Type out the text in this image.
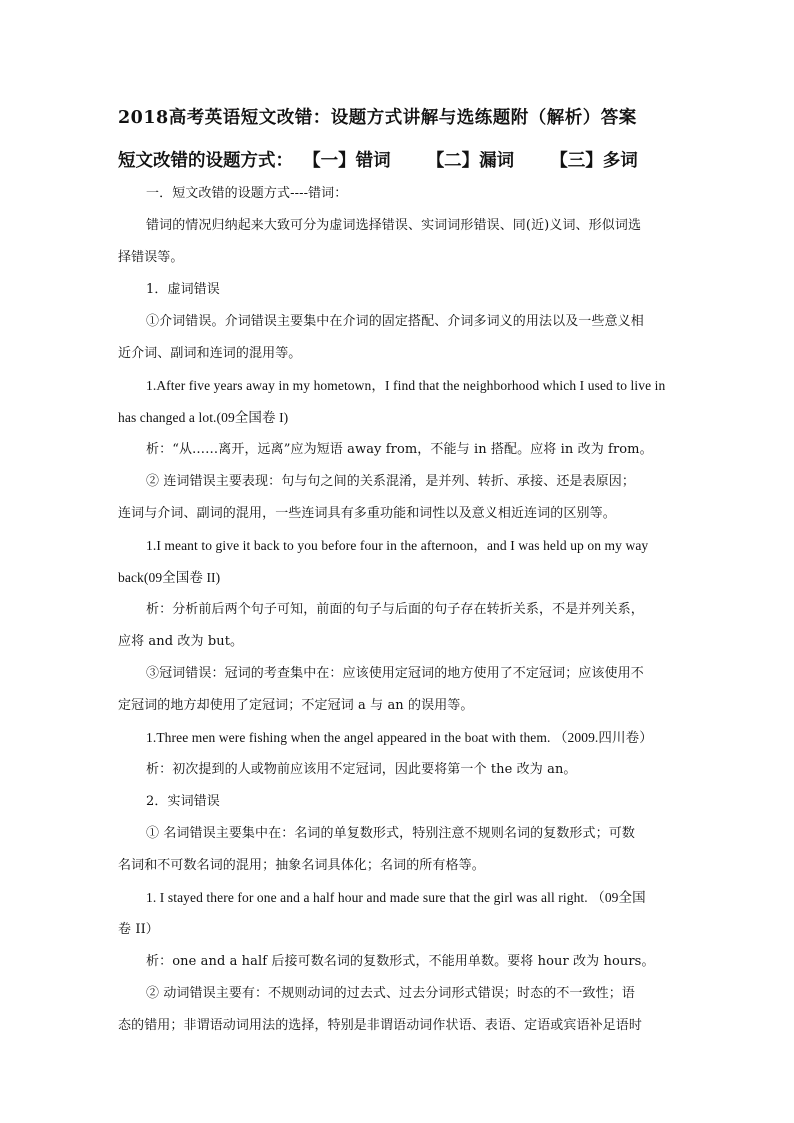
2018高考英语短文改错：设题方式讲解与选练题附（解析）答案
短文改错的设题方式： 【一】错词 【二】漏词 【三】多词
一．短文改错的设题方式----错词：
错词的情况归纳起来大致可分为虚词选择错误、实词词形错误、同(近)义词、形似词选
择错误等。
1．虚词错误
①介词错误。介词错误主要集中在介词的固定搭配、介词多词义的用法以及一些意义相
近介词、副词和连词的混用等。
1.After five years away in my hometown，I find that the neighborhood which I used to live in
has changed a lot.(09全国卷 I)
析：“从……离开，远离”应为短语 away from，不能与 in 搭配。应将 in 改为 from。
② 连词错误主要表现：句与句之间的关系混淆，是并列、转折、承接、还是表原因；
连词与介词、副词的混用，一些连词具有多重功能和词性以及意义相近连词的区别等。
1.I meant to give it back to you before four in the afternoon，and I was held up on my way
back(09全国卷 II)
析：分析前后两个句子可知，前面的句子与后面的句子存在转折关系，不是并列关系，
应将 and 改为 but。
③冠词错误：冠词的考查集中在：应该使用定冠词的地方使用了不定冠词；应该使用不
定冠词的地方却使用了定冠词；不定冠词 a 与 an 的误用等。
1.Three men were fishing when the angel appeared in the boat with them. （2009.四川卷）
析：初次提到的人或物前应该用不定冠词，因此要将第一个 the 改为 an。
2．实词错误
① 名词错误主要集中在：名词的单复数形式，特别注意不规则名词的复数形式；可数
名词和不可数名词的混用；抽象名词具体化；名词的所有格等。
1. I stayed there for one and a half hour and made sure that the girl was all right. （09全国
卷 II）
析：one and a half 后接可数名词的复数形式，不能用单数。要将 hour 改为 hours。
② 动词错误主要有：不规则动词的过去式、过去分词形式错误；时态的不一致性；语
态的错用；非谓语动词用法的选择，特别是非谓语动词作状语、表语、定语或宾语补足语时
